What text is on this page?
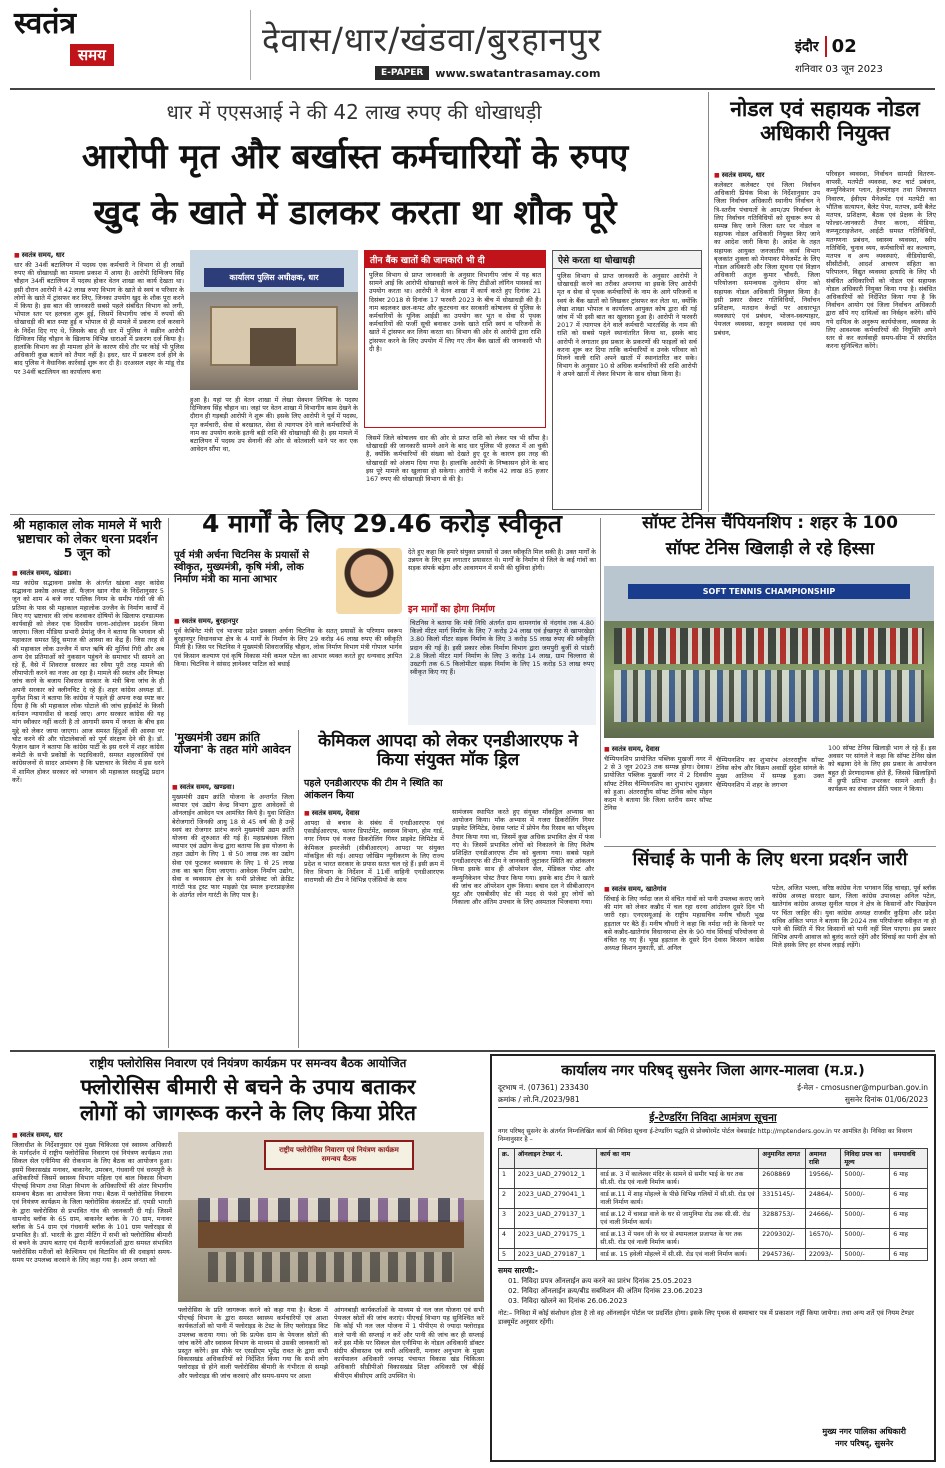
स्वतंत्र
समय	देवास/धार/खंडवा/बुरहानपुर
E-PAPER	www.swatantrasamay.com
इंदौर 02
शनिवार 03 जून 2023
धार में एएसआई ने की 42 लाख रुपए की धोखाधड़ी
आरोपी मृत और बर्खास्त कर्मचारियों के रुपए
खुद के खाते में डालकर करता था शौक पूरे
■ स्वतंत्र समय, धार
धार की 34वीं बटालियन में पदस्थ एक कर्मचारी ने विभाग से ही लाखों रुपए की धोखाधड़ी का मामला प्रकाश में आया है। आरोपी दिग्विजय सिंह चौहान 34वीं बटालियन में पदस्थ होकर वेतन शाखा का कार्य देखता था। इसी दौरान आरोपी ने 42 लाख रुपए विभाग के खाते से स्वयं व परिवार के लोगों के खाते में ट्रांसफर कर लिए, जिनका उपयोग खुद के शौक पूरा करने में किया है। इस बात की जानकारी सबसे पहले संबंधित विभाग को लगी, भोपाल स्तर पर हलचल शुरू हुई, जिसमें विभागीय जांच में रुपयों की धोखाधड़ी की बात स्पष्ट हुई व भोपाल से ही मामले में प्रकरण दर्ज करवाने के निर्देश दिए गए थे, जिसके बाद ही धार में पुलिस ने सक्रीन आरोपी दिग्विजय सिंह चौहान के खिलाफ विभिन्न धाराओं में प्रकरण दर्ज किया है। हालांकि विभाग का ही मामला होने के कारण सीधे तौर पर कोई भी पुलिस अधिकारी कुछ बताने को तैयार नहीं है। इधर, धार में प्रकरण दर्ज होने के बाद पुलिस ने वैधानिक कार्रवाई शुरू कर दी है। दरअसल शहर के मांडू रोड पर 34वीं बटालियन का कार्यालय बना
कार्यालय पुलिस अधीक्षक, धार
हुआ है। यहां पर ही वेतन शाखा में लेखा सेक्शन लिपिक के पदस्थ दिग्विजय सिंह चौहान था। जहां पर वेतन शाखा में विभागीय काम देखने के दौरान ही गड़बड़ी आरोपी ने शुरू की। इसके लिए आरोपी ने पूर्व में पदस्थ, मृत कर्मचारी, सेवा से बरखास्त, सेवा से त्यागपत्र देने वाले कर्मचारियों के नाम का उपयोग करके इतनी बड़ी राशि की धोखाधड़ी की है। इस मामले में बटालियन में पदस्थ उप सेनानी की ओर से कोतवाली थाने पर कर एक आवेदन सौंपा था,
तीन बैंक खातों की जानकारी भी दी
पुलिस विभाग से प्राप्त जानकारी के अनुसार विभागीय जांच में यह बात सामने आई कि आरोपी धोखाधड़ी करने के लिए टीडीओ लॉगिन पासवर्ड का उपयोग करता था। आरोपी ने वेतन शाखा में कार्य करते हुए दिनांक 21 दिसंबर 2018 से दिनांक 17 फरवरी 2023 के बीच में धोखाधड़ी की है। नाम बदलकर छल-कपट और कूटरचना कर सरकारी कोषालय से पुलिस के कर्मचारियों के यूनिक आईडी का उपयोग कर भूत व सेवा से पृथक कर्मचारियों की फर्जी सूची बनाकर उनके खाते राशि स्वयं व परिजनों के खाते में ट्रांसफर कर लिया करता था। विभाग की ओर से आरोपी द्वारा राशि ट्रांसफर करने के लिए उपयोग में लिए गए तीन बैंक खातों की जानकारी भी दी है।
जिसमें जिले कोषालय धार की ओर से प्राप्त राशि को लेकर पत्र भी सौंपा है। धोखाधड़ी की जानकारी सामने आने के बाद धार पुलिस भी हरकत में आ चुकी है, क्योंकि कर्मचारियों की संख्या को देखते हुए दूर के कारण इस तरह की धोखाधड़ी को अंजाम दिया गया है। हालांकि आरोपी के निष्कासन होने के बाद इस पूरे मामले का खुलासा हो सकेगा। आरोपी ने करीब 42 लाख 85 हजार 167 रुपए की धोखाधड़ी विभाग से की है।
ऐसे करता था धोखाधड़ी
पुलिस विभाग से प्राप्त जानकारी के अनुसार आरोपी ने धोखाधड़ी करने का तरीका अपनाया था इसके लिए आरोपी मृत व सेवा से पृथक कर्मचारियों के नाम के आगे परिजनों व स्वयं के बैंक खातों को लिखकर ट्रांसफर कर लेता था, क्योंकि लेखा शाखा भोपाल व कार्यालय आयुक्त कोष द्वारा की गई जांच में भी इसी बात का खुलासा हुआ है। आरोपी ने फरवरी 2017 में त्यागपत्र देने वाले कर्मचारी भारतसिंह के नाम की राशि को सबसे पहले स्थानांतरित किया था, इसके बाद आरोपी ने लगातार इस प्रकार के प्रकरणों की फाइलों को सर्च करना शुरू कर दिया ताकि कर्मचारियों व उनके परिवार को मिलने वाली राशि अपने खातों में स्थानांतरित कर सके। विभाग के अनुसार 10 से अधिक कर्मचारियों की राशि आरोपी ने अपने खातों में लेकर विभाग के साथ धोखा किया है।
नोडल एवं सहायक नोडल अधिकारी नियुक्त
■ स्वतंत्र समय, धार
कलेक्टर कलेक्टर एवं जिला निर्वाचन अधिकारी प्रियंक मिश्रा के निर्देशानुसार उप जिला निर्वाचन अधिकारी स्थानीय निर्वाचन ने त्रि-स्तरीय पंचायतों के आम/उप निर्वाचन के लिए निर्वाचन गतिविधियों को सुचारू रूप से सम्पन्न किए जाने जिला स्तर पर नोडल व सहायक नोडल अधिकारी नियुक्त किए जाने का आदेश जारी किया है। आदेश के तहत सहायक आयुक्त जनजातीय कार्य विभाग बृजकांत शुक्ला को मेनपावर मैनेजमेंट के लिए नोडल अधिकारी और जिला सूचना एवं विज्ञान अधिकारी अतुल कुमार चौधरी, जिला परियोजना समन्वयक तुलेराम सेंगर को सहायक नोडल अधिकारी नियुक्त किया है। इसी प्रकार सेक्टर गतिविधियों, निर्वाचन प्रशिक्षण, मतदान केन्द्रों पर आधारभूत व्यवस्थाएं एवं प्रबंधन, भोजन-स्वल्पाहार, पेयजल व्यवस्था, कानून व्यवस्था एवं व्यय प्रबंधन,
परिवहन व्यवस्था, निर्वाचन सामग्री वितरण-वापसी, मतपेटी व्यवस्था, रूट चार्ट प्रबंधन, कम्युनिकेशन प्लान, हेल्पलाइन तथा शिकायत निवारण, ईवीएम मैनेजमेंट एवं मतपेटी का भौतिक सत्यापन, बैलेट पेपर, मतपत्र, डमी बैलेट मतपत्र, प्रशिक्षण, बैठक एवं प्रेक्षक के लिए फोल्डर-जानकारी तैयार करना, मीडिया, कम्प्यूटराइजेशन, आईटी समस्त गतिविधियों, मतगणना प्रबंधन, स्वास्थ्य व्यवस्था, स्वीप गतिविधि, चुनाव व्यय, कर्मचारियों का कल्याण, मतपत्र व अन्य व्यवस्थाएं, वीडियोग्राफी, सीसीटीवी, आदर्श आचरण संहिता का परिपालन, विद्युत व्यवस्था इत्यादि के लिए भी संबंधित अधिकारियों को नोडल एवं सहायक नोडल अधिकारी नियुक्त किया गया है। संबंधित अधिकारियों को निर्देशित किया गया है कि निर्वाचन आयोग एवं जिला निर्वाचन अधिकारी द्वारा सौंपे गए दायित्वों का निर्वहन करेंगे। सौंपे गये दायित्व के अनुरूप कार्ययोजना, व्यवस्था के लिए आवश्यक कर्मचारियों की नियुक्ति अपने स्तर से कर कार्यवाही समय-सीमा में संपादित करना सुनिश्चित करेंगे।
श्री महाकाल लोक मामले में भारी भ्रष्टाचार को लेकर धरना प्रदर्शन 5 जून को
■ स्वतंत्र समय, खंडवा।
मप्र कांग्रेस सद्भावना प्रकोष्ठ के अंतर्गत खंडवा शहर कांग्रेस सद्भावना प्रकोष्ठ अध्यक्ष डॉ. फैज़ान खान गौस के निर्देशानुसार 5 जून को शाम 4 बजे नगर पालिक निगम के समीप गांधी जी की प्रतिमा के पास श्री महाकाल महालोक उज्जैन के निर्माण कार्यों में किए गए भ्रष्टाचार की जांच करवाकर दोषियों के खिलाफ दण्डात्मक कार्यवाही को लेकर एक दिवसीय धरना-आंदोलन प्रदर्शन किया जाएगा। जिला मीडिया प्रभारी प्रेमांशु जैन ने बताया कि भगवान श्री महाकाल समस्त हिंदू समाज की आस्था का केंद्र हैं। जिस तरह से श्री महाकाल लोक उज्जैन में सप्त ऋषि की मूर्तियां गिरी और अब अन्य देव प्रतिमाओं को नुकसान पहुंचने के समाचार भी सामने आ रहे हैं, वैसे में शिवराज सरकार का रवैया पूरी तरह मामले की लीपापोती करने का नजर आ रहा है। मामले की स्वतंत्र और निष्पक्ष जांच करने के बजाय शिवराज सरकार के मंत्री बिना जांच के ही अपनी सरकार को क्लीनचिट दे रहे हैं। शहर कांग्रेस अध्यक्ष डॉ. मुनीश मिश्रा ने बताया कि कांग्रेस ने पहले ही अपना रुख स्पष्ट कर दिया है कि श्री महाकाल लोक घोटाले की जांच हाईकोर्ट के किसी वर्तमान न्यायाधीश से कराई जाए। अगर सरकार कांग्रेस की यह मांग स्वीकार नहीं करती है तो आगामी समय में जनता के बीच इस मुद्दे को लेकर जाया जाएगा। आज समस्त हिंदुओं की आस्था पर चोट करने की और घोटालेबाजों को पूर्ण संरक्षण देने की है। डॉ. फैज़ान खान ने बताया कि कांग्रेस पार्टी के इस धरने में शहर कांग्रेस कमेटी के सभी प्रकोष्ठों के पदाधिकारी, समस्त शहरवासियों एवं कांग्रेसजनों से सादर आमंत्रण है कि भ्रष्टाचार के विरोध में इस धरने में शामिल होकर सरकार को भगवान श्री महाकाल सदबुद्धि प्रदान करें।
4 मार्गों के लिए 29.46 करोड़ स्वीकृत
पूर्व मंत्री अर्चना चिटनिस के प्रयासों से स्वीकृत, मुख्यमंत्री, कृषि मंत्री, लोक निर्माण मंत्री का माना आभार
■ स्वतंत्र समय, बुरहानपुर
पूर्व केबिनेट मंत्री एवं भाजपा प्रदेश प्रवक्ता अर्चना चिटनिस के सतत् प्रयासों के परिणाम स्वरूप बुरहानपुर विधानसभा क्षेत्र के 4 मार्गों के निर्माण के लिए 29 करोड़ 46 लाख रुपए की स्वीकृति मिली है। जिस पर चिटनिस ने मुख्यमंत्री शिवराजसिंह चौहान, लोक निर्माण विभाग मंत्री गोपाल भार्गव एवं किसान कल्याण एवं कृषि विकास मंत्री कमल पटेल का आभार व्यक्त करते हुए धन्यवाद ज्ञापित किया। चिटनिस ने सांसद ज्ञानेश्वर पाटिल को बधाई
देते हुए कहा कि हमारे संयुक्त प्रयासों से उक्त स्वीकृति मिल सकी है। उक्त मार्गों के उन्नयन के लिए हम लगातार प्रयासरत थे। मार्गों के निर्माण से जिले के कई गांवों का सड़क संपर्क बढ़ेगा और आवागमन में सभी की सुविधा होगी।
इन मार्गों का होगा निर्माण
चिटनिस ने बताया कि मंत्री निधि अंतर्गत ग्राम धामनगांव से नंदगांव तक 4.80 किलो मीटर मार्ग निर्माण के लिए 7 करोड़ 24 लाख एवं ईच्छापुर से खापरखेड़ा 3.80 किलो मीटर सड़क निर्माण के लिए 3 करोड़ 55 लाख रुपए की स्वीकृति प्रदान की गई है। इसी प्रकार लोक निर्माण विभाग द्वारा जमपुरी बुर्जी से पांडरी 2.8 किलो मीटर मार्ग निर्माण के लिए 3 करोड़ 14 लाख, ग्राम चिल्लारा से उख्टगी तक 6.5 किलोमीटर सड़क निर्माण के लिए 15 करोड़ 53 लाख रुपए स्वीकृत किए गए हैं।
'मुख्यमंत्री उद्यम क्रांति योजना' के तहत मांगे आवेदन
■ स्वतंत्र समय, खण्डवा।
मुख्यमंत्री उद्यम क्रांति योजना के अन्तर्गत जिला व्यापार एवं उद्योग केन्द्र विभाग द्वारा आवेदकों से ऑनलाईन आवेदन पत्र आमंत्रित किये है। युवा शिक्षित बेरोजगारों जिनकी आयु 18 से 45 वर्ष की है उन्हें स्वयं का रोजगार प्रारंभ करने मुख्यमंत्री उद्यम क्रांति योजना की शुरुआत की गई है। महाप्रबंधक जिला व्यापार एवं उद्योग केन्द्र द्वारा बताया कि इस योजना के तहत उद्योग के लिए 1 से 50 लाख तक का उद्योग सेवा एवं फुटकर व्यवसाय के लिए 1 से 25 लाख तक का ऋण दिया जाएगा। आवेदक निर्माण उद्योग, सेवा व व्यवसाय क्षेत्र के सभी प्रोजेक्ट जो क्रेडिट गारंटी फंड ट्रस्ट फार माइक्रो एंड स्माल इन्टरप्राइजेस के अंतर्गत लोन गारंटी के लिए पात्र है।
केमिकल आपदा को लेकर एनडीआरएफ ने किया संयुक्त मॉक ड्रिल
पहले एनडीआरएफ की टीम ने स्थिति का आंकलन किया
■ स्वतंत्र समय, देवास
आपदा से बचाव के संबंध में एनडीआरएफ एवं एसडीईआरएफ, फायर डिपार्टमेंट, स्वास्थ्य विभाग, होम गार्ड, नगर निगम एवं गजरा डिकरोलिंग गियर प्राइवेट लिमिटेड में केमिकल इमरजेंसी (सीबीआरएन) आपदा पर संयुक्त मॉकड्रिल की गई। आपदा जोखिम न्यूनीकरण के लिए राज्य प्रदेश व भारत सरकार के प्रयास सतत चल रहे हैं। इसी क्रम में वित्त विभाग के निर्देशन में 11वीं वाहिनी एनडीआरएफ वाराणसी की टीम ने विभिन्न एजेंसियों के साथ
सामंजस्य स्थापित करते हुए संयुक्त मॉकड्रिल अभ्यास का आयोजन किया। मॉक अभ्यास में गजरा डिकरोलिंग गियर प्राइवेट लिमिटेड, देवास प्लांट में प्रोपेन गैस रिसाव का परिदृश्य तैयार किया गया था, जिसमें कुछ अधिक प्रभावित क्षेत्र में फंस गए थे। जिसमें प्रभावित लोगों को निकालने के लिए विशेष प्रशिक्षित एनडीआरएफ टीम को बुलाया गया। सबसे पहले एनडीआरएफ की टीम ने जानकारी जुटाकर स्थिति का आंकलन किया इसके साथ ही ऑपरेशन सेल, मेडिकल पोस्ट और कम्युनिकेशन पोस्ट तैयार किया गया। इसके बाद टीम ने खतरे की जांच कर ऑपरेशन शुरू किया। बचाव दल ने सीबीआरएन सूट और एसबीसीए सेट की मदद से फंसे हुए लोगों को निकाला और अंतिम उपचार के लिए अस्पताल भिजवाया गया।
सॉफ्ट टेनिस चैंपियनशिप : शहर के 100
सॉफ्ट टेनिस खिलाड़ी ले रहे हिस्सा
SOFT TENNIS CHAMPIONSHIP
■ स्वतंत्र समय, देवास
चैम्पियनशिप प्रायोजित पब्लिक मुखर्जी नगर में 2 से 3 जून 2023 तक सम्पन्न होगा। देवास। प्रायोजित पब्लिक मुखर्जी नगर में 2 दिवसीय सॉफ्ट टेनिस चैम्पियनशिप का शुभारंभ शुक्रवार को हुआ। अंतरराष्ट्रीय सॉफ्ट टेनिस कोच मोहन कदम ने बताया कि जिला स्तरीय समर सॉफ्ट टेनिस
चैम्पियनशिप का शुभारंभ अंतरराष्ट्रीय सॉफ्ट टेनिस कोच और विक्रम अवार्डी सुदेश सांगले के मुख्य आतिथ्य में सम्पन्न हुआ। उक्त चैम्पियनशिप में शहर के लगभग
100 सॉफ्ट टेनिस खिलाड़ी भाग ले रहे हैं। इस अवसर पर सांगले ने कहा कि सॉफ्ट टेनिस खेल को बढ़ावा देने के लिए इस प्रकार के आयोजन बहुत ही प्रेरणादायक होते हैं, जिससे खिलाड़ियों में छुपी प्रतिभा उभरकर सामने आती है। कार्यक्रम का संचालन प्रीति पवार ने किया।
सिंचाई के पानी के लिए धरना प्रदर्शन जारी
■ स्वतंत्र समय, खातेगांव
सिंचाई के लिए नर्मदा जल से वंचित गांवों को पानी उपलब्ध कराए जाने की मांग को लेकर कन्नौद में चल रहा धरना आंदोलन दूसरे दिन भी जारी रहा। एनएसयूआई के राष्ट्रीय महासचिव मनीष चौधरी भूख हड़ताल पर बैठे हैं। मनीष चौधरी ने कहा कि नर्मदा नदी के किनारे पर बसे कन्नौद-खातेगांव विधानसभा क्षेत्र के 90 गांव सिंचाई परियोजना से वंचित रह गए हैं। भूख हड़ताल के दूसरे दिन देवास किसान कांग्रेस अध्यक्ष किशन मुकाती, डॉ. अनिल
पटेल, अजित भल्ला, वरिष्ठ कांग्रेस नेता भगवान सिंह चावड़ा, पूर्व ब्लॉक कांग्रेस अध्यक्ष सरदार खान, जिला कांग्रेस उपाध्यक्ष अनिल पटेल, खातेगांव कांग्रेस अध्यक्ष सुनील यादव ने क्षेत्र के किसानों और पिछड़ेपन पर चिंता जाहिर की। युवा कांग्रेस अध्यक्ष राजवीर कुड़िया और प्रदेश सचिव अंकित भगत ने बताया कि 2024 तक परियोजना स्वीकृत ना हो पाने की स्थिति में फिर किसानों को पानी नहीं मिल पाएगा। इस प्रकार विभिन्न अपनी आवाज को बुलंद करते रहेंगे और सिंचाई का पानी क्षेत्र को मिले इसके लिए हर संभव लड़ाई लड़ेंगे।
राष्ट्रीय फ्लोरोसिस निवारण एवं नियंत्रण कार्यक्रम पर समन्वय बैठक आयोजित
फ्लोरोसिस बीमारी से बचने के उपाय बताकर
लोगों को जागरूक करने के लिए किया प्रेरित
■ स्वतंत्र समय, धार
जिलाधीश के निर्देशानुसार एवं मुख्य चिकित्सा एवं स्वास्थ्य अधिकारी के मार्गदर्शन में राष्ट्रीय फ्लोरोसिस निवारण एवं नियंत्रण कार्यक्रम तथा सिकल सेल एनीमिया की रोकथाम के लिए बैठक का आयोजन हुआ। इसमें विकासखंड मनावर, बाकानेर, उमरबन, गंधवानी एवं धरमपुरी के अधिकारियों जिसमें स्वास्थ्य विभाग महिला एवं बाल विकास विभाग पीएचई विभाग तथा शिक्षा विभाग के अधिकारियों की अंतर विभागीय समन्वय बैठक का आयोजन किया गया। बैठक में फ्लोरोसिस निवारण एवं नियंत्रण कार्यक्रम के जिला फ्लोरोसिस कंसलटेंट डॉ. एमडी भारती के द्वारा फ्लोरोसिस से प्रभावित गांव की जानकारी दी गई। जिसमें धामनोद ब्लॉक के 65 ग्राम, बाकानेर ब्लॉक के 70 ग्राम, मनावर ब्लॉक के 54 ग्राम एवं गंधवानी ब्लॉक के 101 ग्राम फ्लोराइड से प्रभावित है। डॉ. भारती के द्वारा मीटिंग में सभी को फ्लोरोसिस बीमारी से बचने के उपाय बताए एवं मैदानी कार्यकर्ताओं द्वारा समस्त संभावित फ्लोरोसिस मरीजों को कैल्शियम एवं विटामिन सी की दवाइयां समय-समय पर उपलब्ध करवाने के लिए कहा गया है। आम जनता को
राष्ट्रीय फ्लोरोसिस निवारण एवं नियंत्रण कार्यक्रम समन्वय बैठक
फ्लोरोसिस के प्रति जागरूक करने को कहा गया है। बैठक में पीएचई विभाग के द्वारा समस्त स्वास्थ्य कर्मचारियों एवं आशा कार्यकर्ताओं को पानी में फ्लोराइड के टेस्ट के लिए फ्लोराइड किट उपलब्ध कराया गया। जो कि प्रत्येक ग्राम के पेयजल स्रोतों की जांच करेंगे और स्वास्थ्य विभाग के माध्यम से उसकी जानकारी को प्रस्तुत करेंगे। इस मौके पर एसडीएम भूपेंद्र रावत के द्वारा सभी विकासखंड अधिकारियों को निर्देशित किया गया कि सभी लोग फ्लोराइड से होने वाली फ्लोरोसिस बीमारी के गंभीरता से समझे और फ्लोराइड की जांच करवाएं और समय-समय पर आशा
आंगनबाड़ी कार्यकर्ताओं के माध्यम से नल जल योजना एवं सभी पेयजल स्रोतों की जांच कराएं। पीएचई विभाग यह सुनिश्चित करें कि कोई भी नल जल योजना में 1 पीपीएम से ज्यादा फ्लोराइड वाले पानी की सप्लाई न करें और पानी की जांच कर ही सप्लाई करें इस मौके पर सिकल सेल एनीमिया के नोडल अधिकारी डॉक्टर संदीप श्रीवास्तव एवं सभी अधिकारी, मनावर अनुभाग के मुख्य कार्यपालन अधिकारी जनपद पंचायत विकास खंड चिकित्सा अधिकारी सीडीपीओ विकासखंड शिक्षा अधिकारी एवं बीईई बीपीएम बीसीएम आदि उपस्थित थे।
कार्यालय नगर परिषद् सुसनेर जिला आगर-मालवा (म.प्र.)
दूरभाष नं. (07361) 233430	ई-मेल - cmosusner@mpurban.gov.in
क्रमांक / लो.नि./2023/981	सुसनेर दिनांक 01/06/2023
ई-टेण्डरिंग निविदा आमंत्रण सूचना
नगर परिषद् सुसनेर के अंतर्गत निम्नलिखित कार्य की निविदा सूचना ई-टेण्डरिंग पद्धति से प्रोक्योरमेंट पोर्टल वेबसाईट http://mptenders.gov.in पर आमंत्रित है। निविदा का विवरण निम्नानुसार है –
क्र.	ऑनलाइन टेण्डर नं.	कार्य का नाम	अनुमानित लागत	अमानत राशि	निविदा प्रपत्र का मूल्य	समयावधि
1	2023_UAD_279012_1	वार्ड क्र. 3 में कालेश्वर मंदिर के सामने से समीर भाई के घर तक सी.सी. रोड एवं नाली निर्माण कार्य।	2608869	19566/-	5000/-	6 माह
2	2023_UAD_279041_1	वार्ड क्र.11 में शाह मोहल्ले के पीछे विभिन्न गलियों में सी.सी. रोड एवं नाली निर्माण कार्य।	3315145/-	24864/-	5000/-	6 माह
3	2023_UAD_279137_1	वार्ड क्र.12 में चावडा वाले के घर से जामुनिया रोड तक सी.सी. रोड एवं नाली निर्माण कार्य।	3288753/-	24666/-	5000/-	6 माह
4	2023_UAD_279175_1	वार्ड क्र.13 में पवन जी के घर से श्यामलाल प्रजापत के घर तक सी.सी. रोड एवं नाली निर्माण कार्य।	2209302/-	16570/-	5000/-	6 माह
5	2023_UAD_279187_1	वार्ड क्र. 15 हवेली मोहल्ले में सी.सी. रोड एवं नाली निर्माण कार्य।	2945736/-	22093/-	5000/-	6 माह
समय सारणी:-
01. निविदा प्रपत्र ऑनलाईन क्रय करने का प्रारंभ दिनांक 25.05.2023
02. निविदा ऑनलाईन क्रय/बीड सबमिशन की अंतिम दिनांक 23.06.2023
03. निविदा खोलने का दिनांक 26.06.2023
नोट:– निविदा में कोई संशोधन होता है तो वह ऑनलाईन पोर्टल पर प्रदर्शित होगा। इसके लिए पृथक से समाचार पत्र में प्रकाशन नहीं किया जायेगा। तथा अन्य शर्ते एवं नियम टेण्डर डाक्यूमेंट अनुसार रहेंगी।
मुख्य नगर पालिका अधिकारी
नगर परिषद्, सुसनेर
